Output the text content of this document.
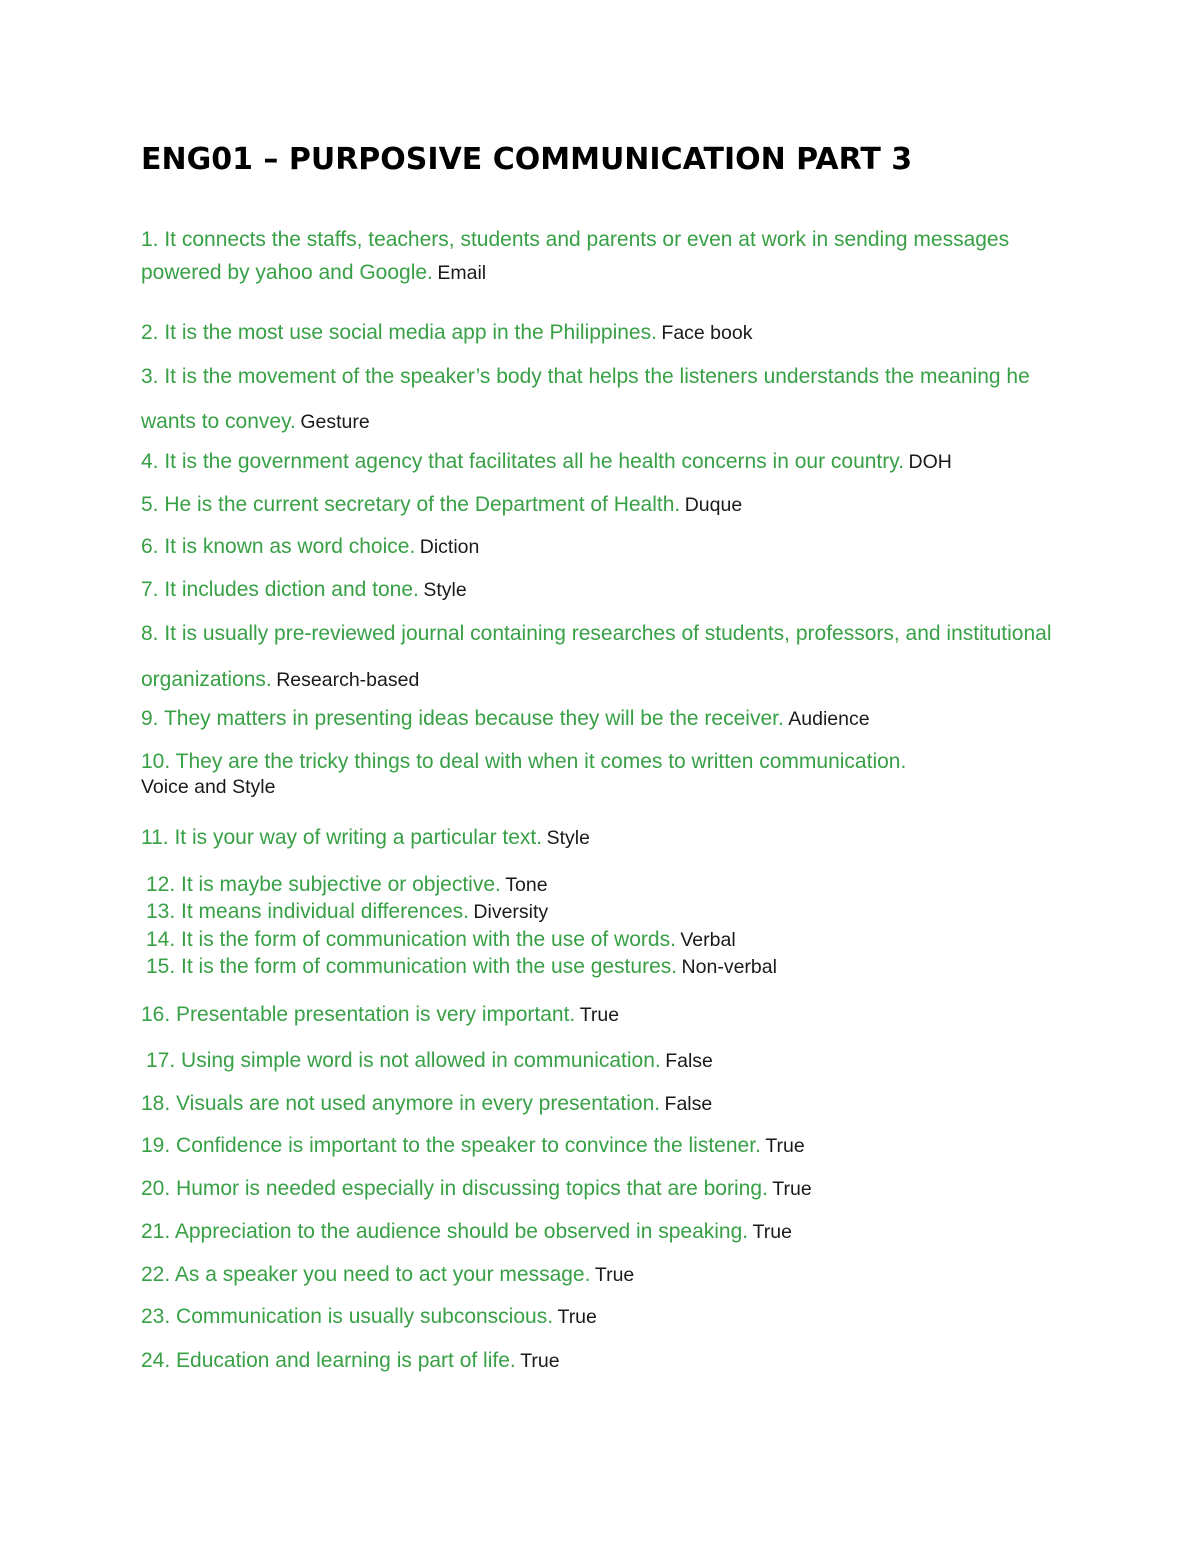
ENG01 – PURPOSIVE COMMUNICATION PART 3

1. It connects the staffs, teachers, students and parents or even at work in sending messages powered by yahoo and Google. Email

2. It is the most use social media app in the Philippines. Face book

3. It is the movement of the speaker’s body that helps the listeners understands the meaning he wants to convey. Gesture

4. It is the government agency that facilitates all he health concerns in our country. DOH

5. He is the current secretary of the Department of Health. Duque

6. It is known as word choice. Diction

7. It includes diction and tone. Style

8. It is usually pre-reviewed journal containing researches of students, professors, and institutional organizations. Research-based

9. They matters in presenting ideas because they will be the receiver. Audience

10. They are the tricky things to deal with when it comes to written communication.

Voice and Style

11. It is your way of writing a particular text. Style

12. It is maybe subjective or objective. Tone

13. It means individual differences. Diversity

14. It is the form of communication with the use of words. Verbal

15. It is the form of communication with the use gestures. Non-verbal

16. Presentable presentation is very important. True

17. Using simple word is not allowed in communication. False

18. Visuals are not used anymore in every presentation. False

19. Confidence is important to the speaker to convince the listener. True

20. Humor is needed especially in discussing topics that are boring. True

21. Appreciation to the audience should be observed in speaking. True

22. As a speaker you need to act your message. True

23. Communication is usually subconscious. True

24. Education and learning is part of life. True
